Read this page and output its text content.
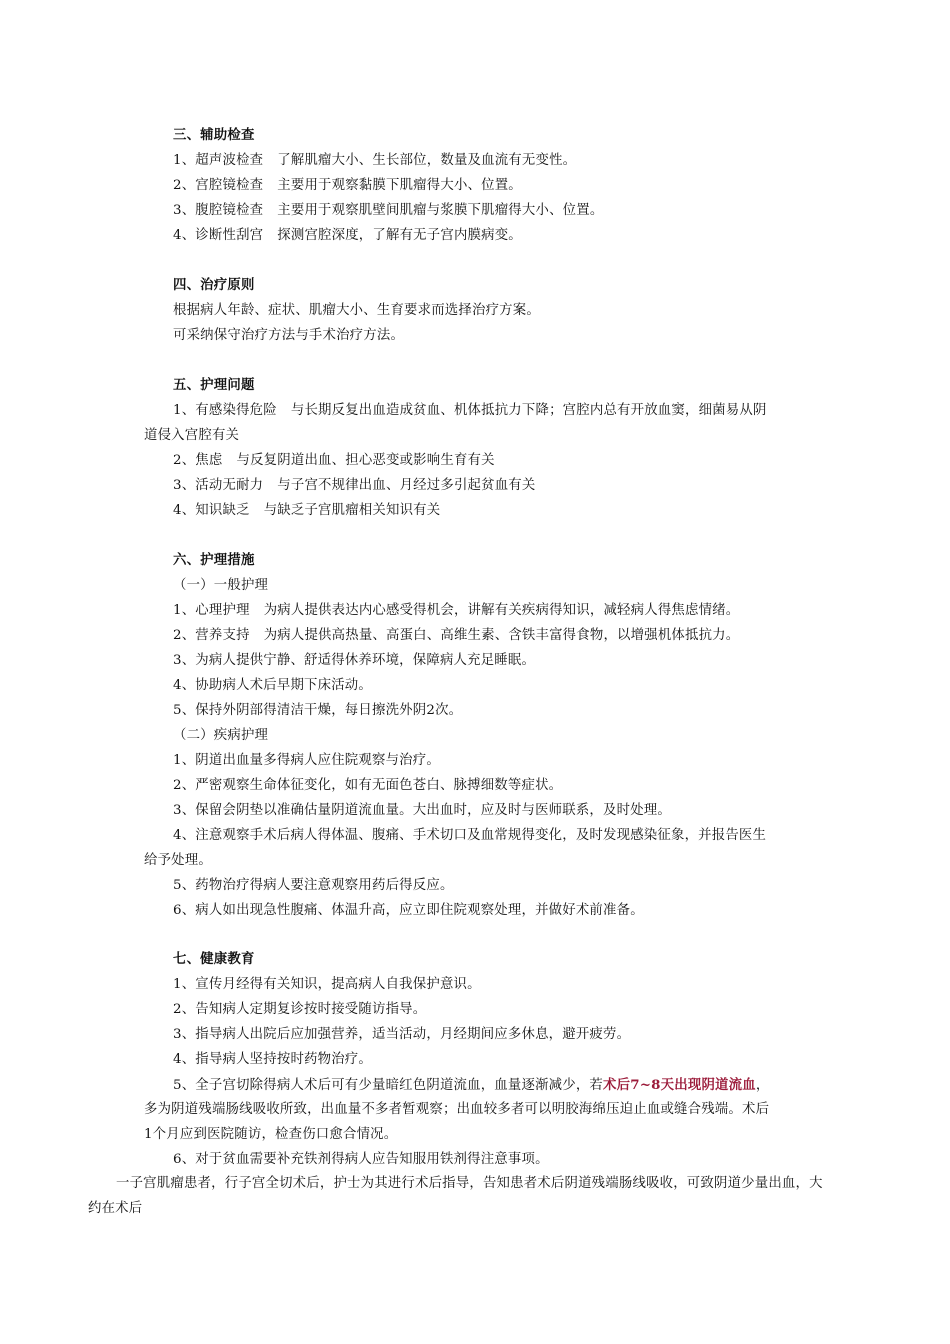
三、辅助检查
1、超声波检查 了解肌瘤大小、生长部位，数量及血流有无变性。
2、宫腔镜检查 主要用于观察黏膜下肌瘤得大小、位置。
3、腹腔镜检查 主要用于观察肌壁间肌瘤与浆膜下肌瘤得大小、位置。
4、诊断性刮宫 探测宫腔深度，了解有无子宫内膜病变。
四、治疗原则
根据病人年龄、症状、肌瘤大小、生育要求而选择治疗方案。
可采纳保守治疗方法与手术治疗方法。
五、护理问题
1、有感染得危险 与长期反复出血造成贫血、机体抵抗力下降；宫腔内总有开放血窦，细菌易从阴
道侵入宫腔有关
2、焦虑 与反复阴道出血、担心恶变或影响生育有关
3、活动无耐力 与子宫不规律出血、月经过多引起贫血有关
4、知识缺乏 与缺乏子宫肌瘤相关知识有关
六、护理措施
（一）一般护理
1、心理护理 为病人提供表达内心感受得机会，讲解有关疾病得知识，减轻病人得焦虑情绪。
2、营养支持 为病人提供高热量、高蛋白、高维生素、含铁丰富得食物，以增强机体抵抗力。
3、为病人提供宁静、舒适得休养环境，保障病人充足睡眠。
4、协助病人术后早期下床活动。
5、保持外阴部得清洁干燥，每日擦洗外阴2次。
（二）疾病护理
1、阴道出血量多得病人应住院观察与治疗。
2、严密观察生命体征变化，如有无面色苍白、脉搏细数等症状。
3、保留会阴垫以准确估量阴道流血量。大出血时，应及时与医师联系，及时处理。
4、注意观察手术后病人得体温、腹痛、手术切口及血常规得变化，及时发现感染征象，并报告医生
给予处理。
5、药物治疗得病人要注意观察用药后得反应。
6、病人如出现急性腹痛、体温升高，应立即住院观察处理，并做好术前准备。
七、健康教育
1、宣传月经得有关知识，提高病人自我保护意识。
2、告知病人定期复诊按时接受随访指导。
3、指导病人出院后应加强营养，适当活动，月经期间应多休息，避开疲劳。
4、指导病人坚持按时药物治疗。
5、全子宫切除得病人术后可有少量暗红色阴道流血，血量逐渐减少，若术后7~8天出现阴道流血，
多为阴道残端肠线吸收所致，出血量不多者暂观察；出血较多者可以明胶海绵压迫止血或缝合残端。术后
1个月应到医院随访，检查伤口愈合情况。
6、对于贫血需要补充铁剂得病人应告知服用铁剂得注意事项。
一子宫肌瘤患者，行子宫全切术后，护士为其进行术后指导，告知患者术后阴道残端肠线吸收，可致阴道少量出血，大
约在术后
